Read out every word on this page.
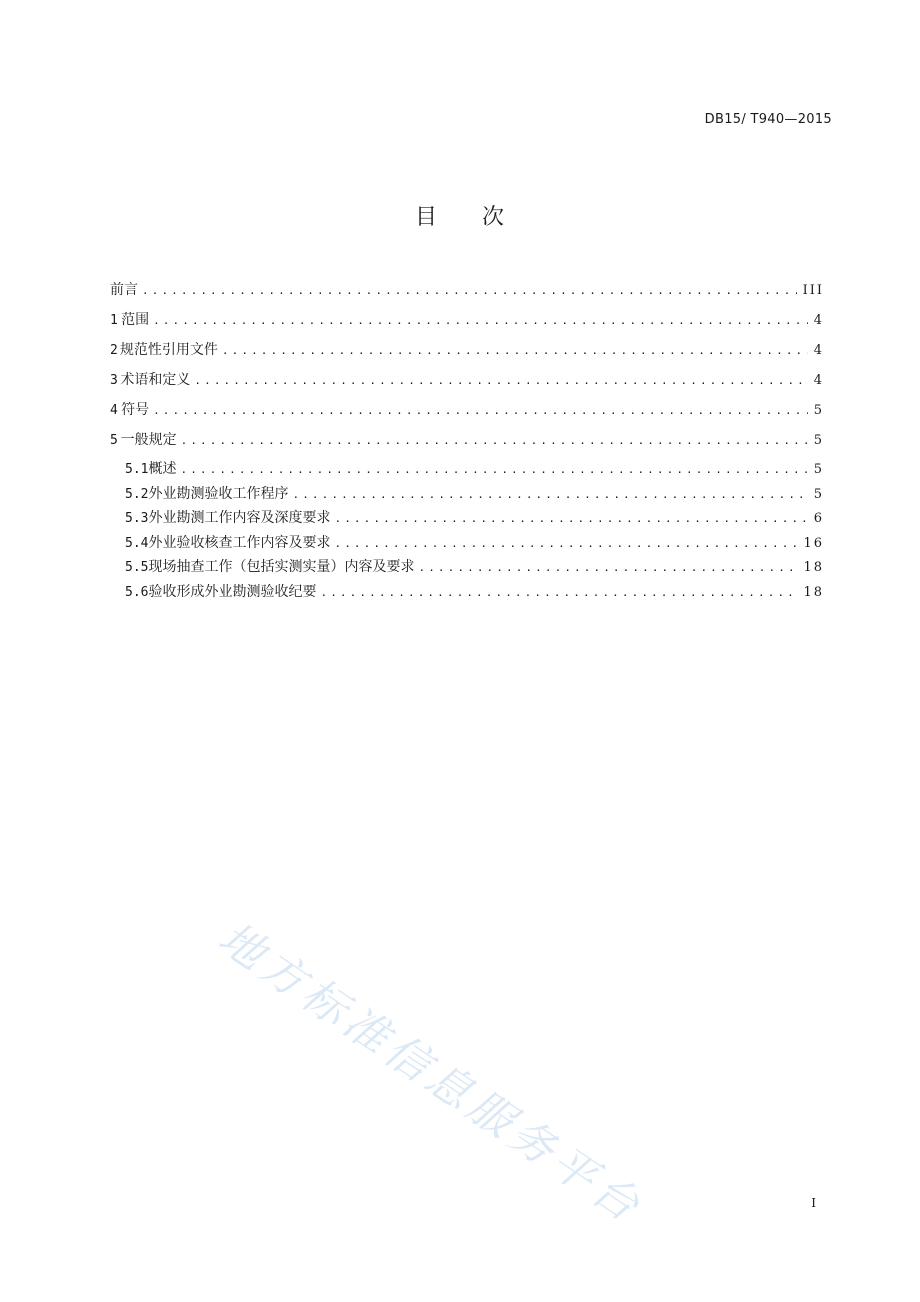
DB15/ T940—2015
目 次
前言 .....	III
1 范围 .....	4
2 规范性引用文件 .....	4
3 术语和定义 .....	4
4 符号 .....	5
5 一般规定 .....	5
5.1 概述 .....	5
5.2 外业勘测验收工作程序 .....	5
5.3 外业勘测工作内容及深度要求 .....	6
5.4 外业验收核查工作内容及要求 .....	16
5.5 现场抽查工作（包括实测实量）内容及要求 .....	18
5.6 验收形成外业勘测验收纪要 .....	18
地方标准信息服务平台	I
